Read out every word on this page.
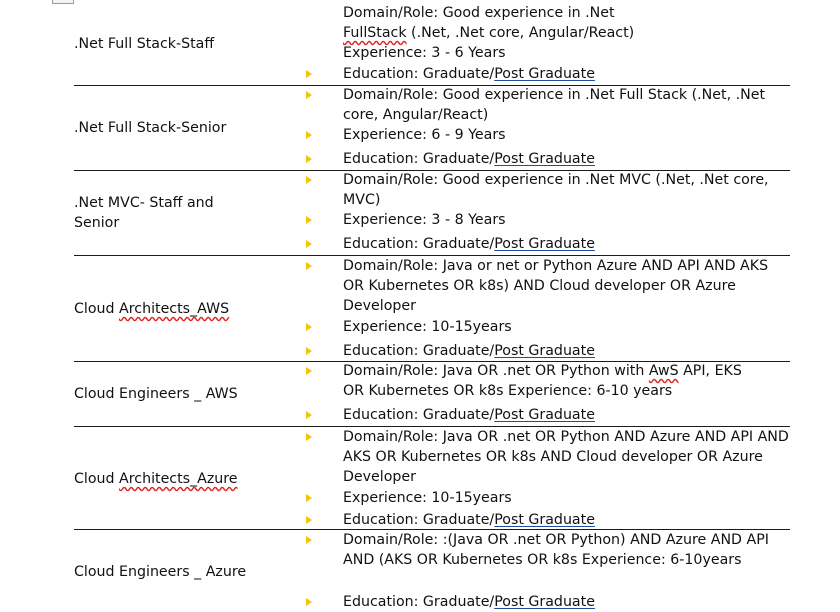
.Net Full Stack-Staff
Domain/Role: Good experience in .Net
FullStack (.Net, .Net core, Angular/React)
Experience: 3 - 6 Years
Education: Graduate/Post Graduate
.Net Full Stack-Senior
Domain/Role: Good experience in .Net Full Stack (.Net, .Net core, Angular/React)
Experience: 6 - 9 Years
Education: Graduate/Post Graduate
.Net MVC- Staff and Senior
Domain/Role: Good experience in .Net MVC (.Net, .Net core, MVC)
Experience: 3 - 8 Years
Education: Graduate/Post Graduate
Cloud Architects_AWS
Domain/Role: Java or net or Python Azure AND API AND AKS OR Kubernetes OR k8s) AND Cloud developer OR Azure Developer
Experience: 10-15years
Education: Graduate/Post Graduate
Cloud Engineers _ AWS
Domain/Role: Java OR .net OR Python with AwS API, EKS
OR Kubernetes OR k8s Experience: 6-10 years
Education: Graduate/Post Graduate
Cloud Architects_Azure
Domain/Role: Java OR .net OR Python AND Azure AND API AND AKS OR Kubernetes OR k8s AND Cloud developer OR Azure Developer
Experience: 10-15years
Education: Graduate/Post Graduate
Cloud Engineers _ Azure
Domain/Role: :(Java OR .net OR Python) AND Azure AND API AND (AKS OR Kubernetes OR k8s Experience: 6-10years
Education: Graduate/Post Graduate
